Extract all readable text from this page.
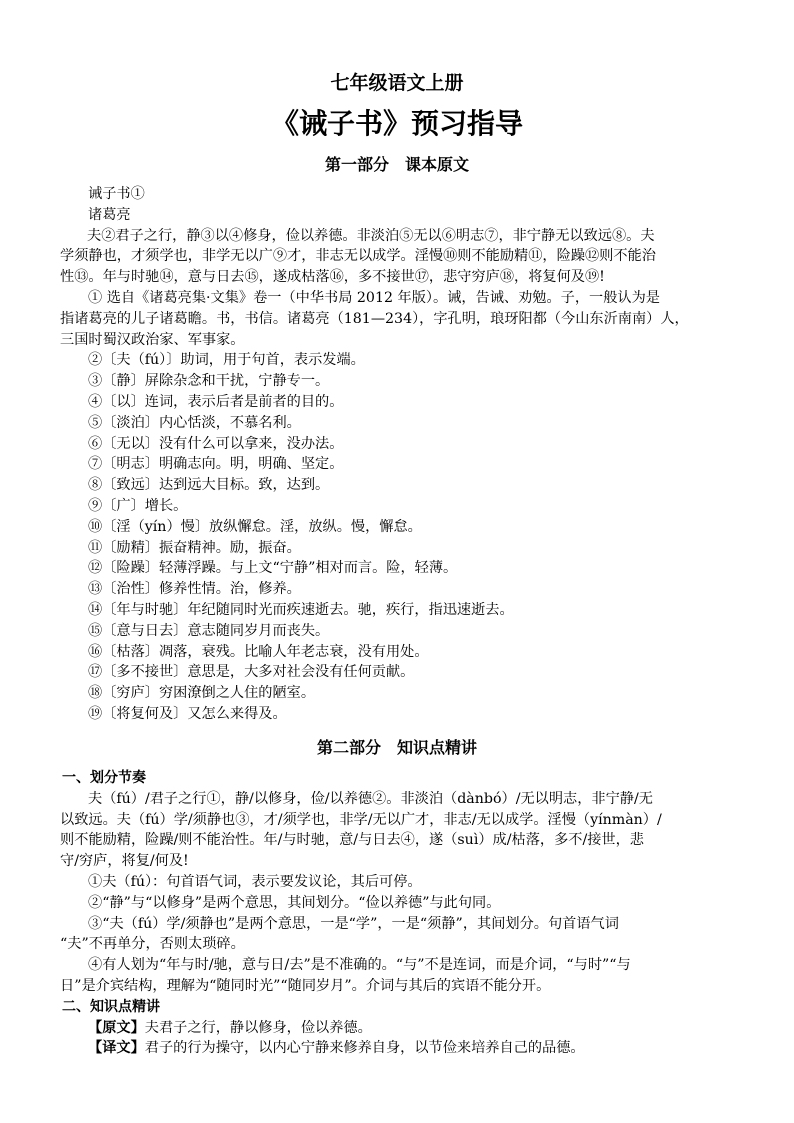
七年级语文上册
《诫子书》预习指导
第一部分　课本原文

诫子书①

诸葛亮

夫②君子之行，静③以④修身，俭以养德。非淡泊⑤无以⑥明志⑦，非宁静无以致远⑧。夫

学须静也，才须学也，非学无以广⑨才，非志无以成学。淫慢⑩则不能励精⑪，险躁⑫则不能治

性⑬。年与时驰⑭，意与日去⑮，遂成枯落⑯，多不接世⑰，悲守穷庐⑱，将复何及⑲!

① 选自《诸葛亮集·文集》卷一（中华书局 2012 年版）。诫，告诫、劝勉。子，一般认为是

指诸葛亮的儿子诸葛瞻。书，书信。诸葛亮（181—234），字孔明，琅玡阳都（今山东沂南南）人，

三国时蜀汉政治家、军事家。

②〔夫（fú）〕助词，用于句首，表示发端。

③〔静〕屏除杂念和干扰，宁静专一。

④〔以〕连词，表示后者是前者的目的。

⑤〔淡泊〕内心恬淡，不慕名利。

⑥〔无以〕没有什么可以拿来，没办法。

⑦〔明志〕明确志向。明，明确、坚定。

⑧〔致远〕达到远大目标。致，达到。

⑨〔广〕增长。

⑩〔淫（yín）慢〕放纵懈怠。淫，放纵。慢，懈怠。

⑪〔励精〕振奋精神。励，振奋。

⑫〔险躁〕轻薄浮躁。与上文“宁静”相对而言。险，轻薄。

⑬〔治性〕修养性情。治，修养。

⑭〔年与时驰〕年纪随同时光而疾速逝去。驰，疾行，指迅速逝去。

⑮〔意与日去〕意志随同岁月而丧失。

⑯〔枯落〕凋落，衰残。比喻人年老志衰，没有用处。

⑰〔多不接世〕意思是，大多对社会没有任何贡献。

⑱〔穷庐〕穷困潦倒之人住的陋室。

⑲〔将复何及〕又怎么来得及。

第二部分　知识点精讲

一、划分节奏

夫（fú）/君子之行①，静/以修身，俭/以养德②。非淡泊（dànbó）/无以明志，非宁静/无

以致远。夫（fú）学/须静也③，才/须学也，非学/无以广才，非志/无以成学。淫慢（yínmàn）/

则不能励精，险躁/则不能治性。年/与时驰，意/与日去④，遂（suì）成/枯落，多不/接世，悲

守/穷庐，将复/何及!

①夫（fú）：句首语气词，表示要发议论，其后可停。

②“静”与“以修身”是两个意思，其间划分。“俭以养德”与此句同。

③“夫（fú）学/须静也”是两个意思，一是“学”，一是“须静”，其间划分。句首语气词

“夫”不再单分，否则太琐碎。

④有人划为“年与时/驰，意与日/去”是不准确的。“与”不是连词，而是介词，“与时”“与

日”是介宾结构，理解为“随同时光”“随同岁月”。介词与其后的宾语不能分开。

二、知识点精讲

【原文】夫君子之行，静以修身，俭以养德。

【译文】君子的行为操守，以内心宁静来修养自身，以节俭来培养自己的品德。
